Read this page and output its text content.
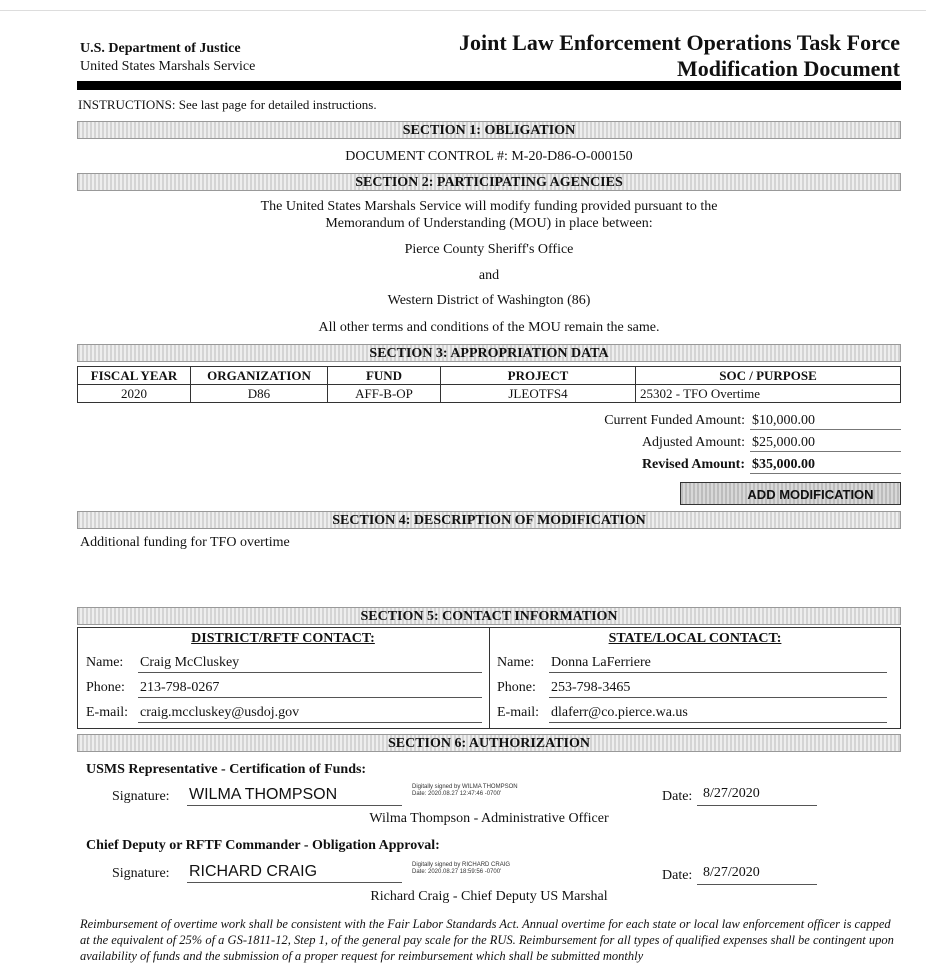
U.S. Department of Justice
United States Marshals Service
Joint Law Enforcement Operations Task Force
Modification Document
INSTRUCTIONS: See last page for detailed instructions.
SECTION 1: OBLIGATION
DOCUMENT CONTROL #: M-20-D86-O-000150
SECTION 2: PARTICIPATING AGENCIES
The United States Marshals Service will modify funding provided pursuant to the
Memorandum of Understanding (MOU) in place between:
Pierce County Sheriff's Office
and
Western District of Washington (86)
All other terms and conditions of the MOU remain the same.
SECTION 3: APPROPRIATION DATA
FISCAL YEAR	ORGANIZATION	FUND	PROJECT	SOC / PURPOSE
2020	D86	AFF-B-OP	JLEOTFS4	25302 - TFO Overtime
Current Funded Amount: $10,000.00
Adjusted Amount: $25,000.00
Revised Amount: $35,000.00
ADD MODIFICATION
SECTION 4: DESCRIPTION OF MODIFICATION
Additional funding for TFO overtime
SECTION 5: CONTACT INFORMATION
DISTRICT/RFTF CONTACT:	STATE/LOCAL CONTACT:
Name: Craig McCluskey
Phone: 213-798-0267
E-mail: craig.mccluskey@usdoj.gov
Name: Donna LaFerriere
Phone: 253-798-3465
E-mail: dlaferr@co.pierce.wa.us
SECTION 6: AUTHORIZATION
USMS Representative - Certification of Funds:
Signature: WILMA THOMPSON	Digitally signed by WILMA THOMPSON
Date: 2020.08.27 12:47:46 -0700'	Date: 8/27/2020
Wilma Thompson - Administrative Officer
Chief Deputy or RFTF Commander - Obligation Approval:
Signature: RICHARD CRAIG	Digitally signed by RICHARD CRAIG
Date: 2020.08.27 18:59:56 -0700'	Date: 8/27/2020
Richard Craig - Chief Deputy US Marshal
Reimbursement of overtime work shall be consistent with the Fair Labor Standards Act. Annual overtime for each state or local law enforcement officer is capped at the equivalent of 25% of a GS-1811-12, Step 1, of the general pay scale for the RUS. Reimbursement for all types of qualified expenses shall be contingent upon availability of funds and the submission of a proper request for reimbursement which shall be submitted monthly
